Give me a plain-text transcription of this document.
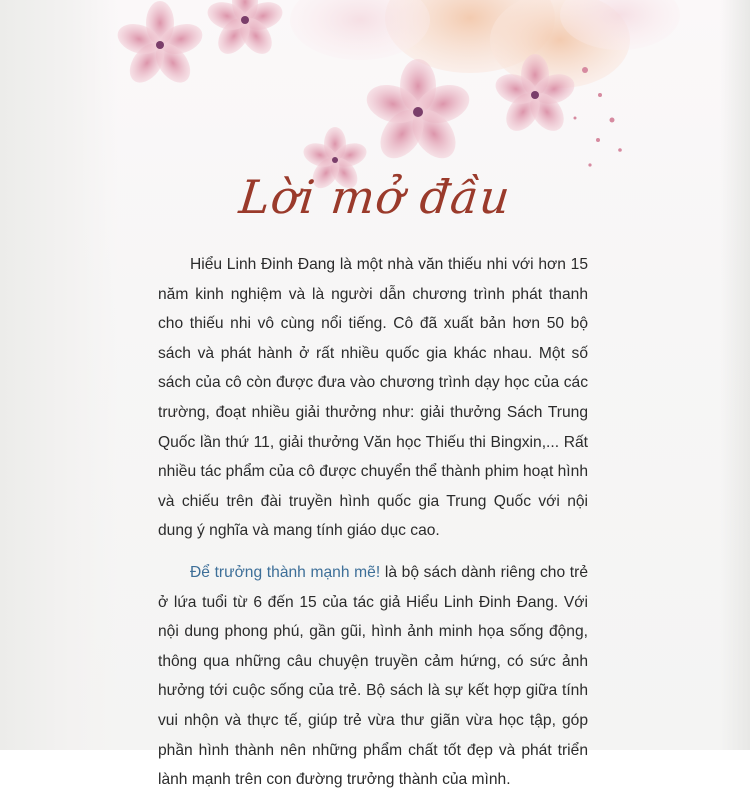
Lời mở đầu

Hiểu Linh Đinh Đang là một nhà văn thiếu nhi với hơn 15 năm kinh nghiệm và là người dẫn chương trình phát thanh cho thiếu nhi vô cùng nổi tiếng. Cô đã xuất bản hơn 50 bộ sách và phát hành ở rất nhiều quốc gia khác nhau. Một số sách của cô còn được đưa vào chương trình dạy học của các trường, đoạt nhiều giải thưởng như: giải thưởng Sách Trung Quốc lần thứ 11, giải thưởng Văn học Thiếu thi Bingxin,... Rất nhiều tác phẩm của cô được chuyển thể thành phim hoạt hình và chiếu trên đài truyền hình quốc gia Trung Quốc với nội dung ý nghĩa và mang tính giáo dục cao.

Để trưởng thành mạnh mẽ! là bộ sách dành riêng cho trẻ ở lứa tuổi từ 6 đến 15 của tác giả Hiểu Linh Đinh Đang. Với nội dung phong phú, gần gũi, hình ảnh minh họa sống động, thông qua những câu chuyện truyền cảm hứng, có sức ảnh hưởng tới cuộc sống của trẻ. Bộ sách là sự kết hợp giữa tính vui nhộn và thực tế, giúp trẻ vừa thư giãn vừa học tập, góp phần hình thành nên những phẩm chất tốt đẹp và phát triển lành mạnh trên con đường trưởng thành của mình.
